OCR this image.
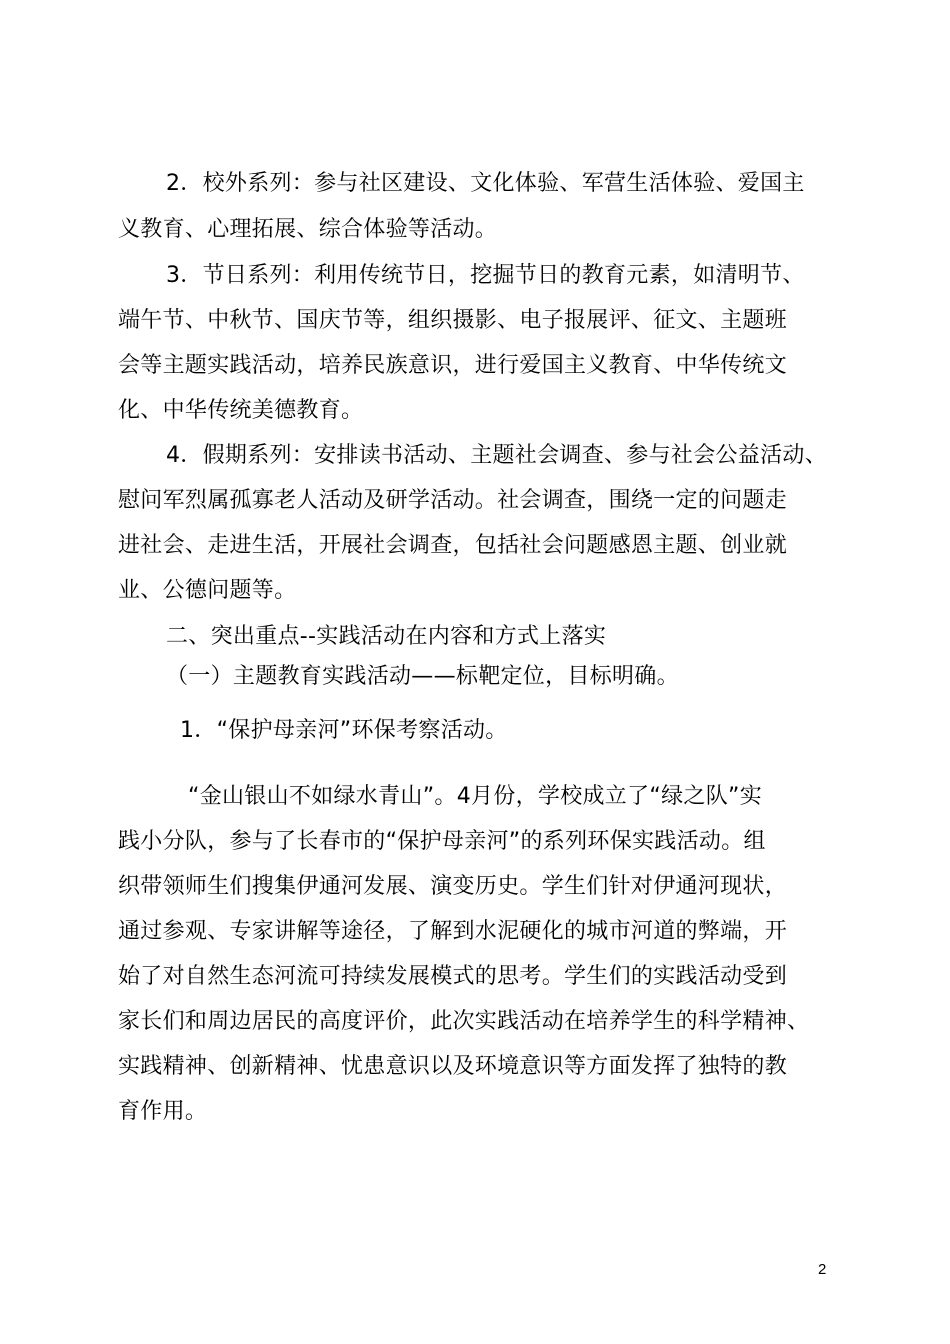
2．校外系列：参与社区建设、文化体验、军营生活体验、爱国主
义教育、心理拓展、综合体验等活动。
3．节日系列：利用传统节日，挖掘节日的教育元素，如清明节、
端午节、中秋节、国庆节等，组织摄影、电子报展评、征文、主题班
会等主题实践活动，培养民族意识，进行爱国主义教育、中华传统文
化、中华传统美德教育。
4．假期系列：安排读书活动、主题社会调查、参与社会公益活动、
慰问军烈属孤寡老人活动及研学活动。社会调查，围绕一定的问题走
进社会、走进生活，开展社会调查，包括社会问题感恩主题、创业就
业、公德问题等。
二、突出重点--实践活动在内容和方式上落实
（一）主题教育实践活动——标靶定位，目标明确。
1．“保护母亲河”环保考察活动。
“金山银山不如绿水青山”。4月份，学校成立了“绿之队”实
践小分队，参与了长春市的“保护母亲河”的系列环保实践活动。组
织带领师生们搜集伊通河发展、演变历史。学生们针对伊通河现状，
通过参观、专家讲解等途径，了解到水泥硬化的城市河道的弊端，开
始了对自然生态河流可持续发展模式的思考。学生们的实践活动受到
家长们和周边居民的高度评价，此次实践活动在培养学生的科学精神、
实践精神、创新精神、忧患意识以及环境意识等方面发挥了独特的教
育作用。
2
